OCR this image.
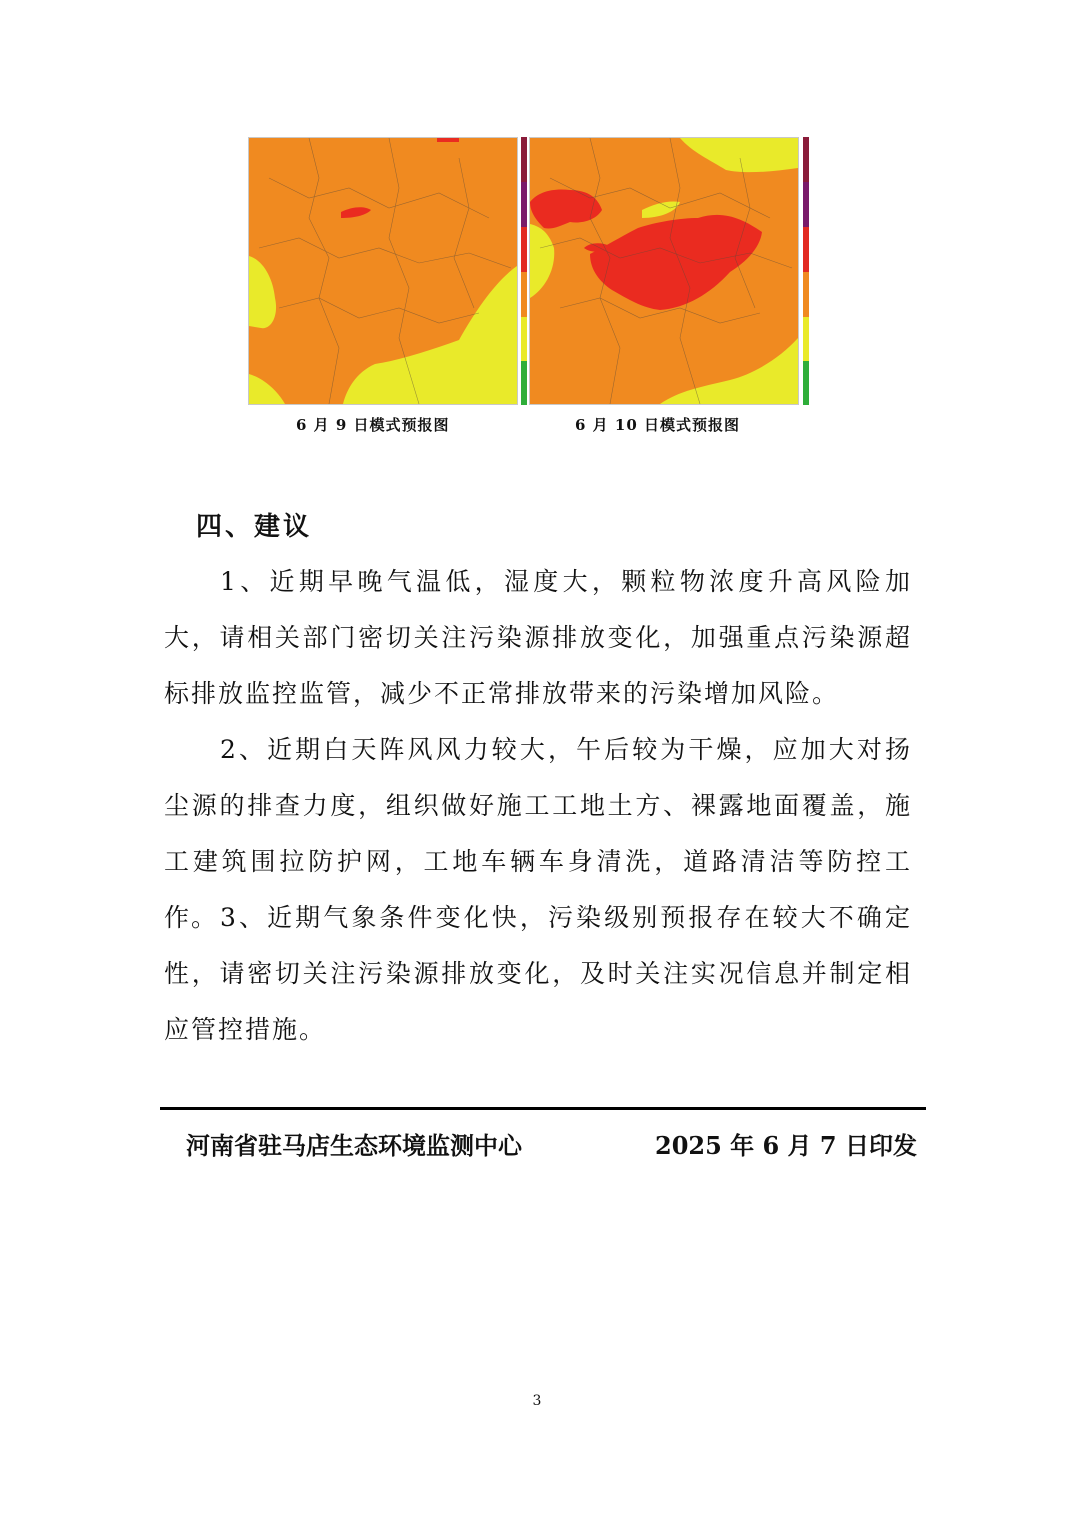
6 月 9 日模式预报图	6 月 10 日模式预报图
四、建议

1、近期早晚气温低，湿度大，颗粒物浓度升高风险加大，请相关部门密切关注污染源排放变化，加强重点污染源超标排放监控监管，减少不正常排放带来的污染增加风险。

2、近期白天阵风风力较大，午后较为干燥，应加大对扬尘源的排查力度，组织做好施工工地土方、裸露地面覆盖，施工建筑围拉防护网，工地车辆车身清洗，道路清洁等防控工作。 3、近期气象条件变化快，污染级别预报存在较大不确定性，请密切关注污染源排放变化，及时关注实况信息并制定相应管控措施。

河南省驻马店生态环境监测中心	2025 年 6 月 7 日印发
3
